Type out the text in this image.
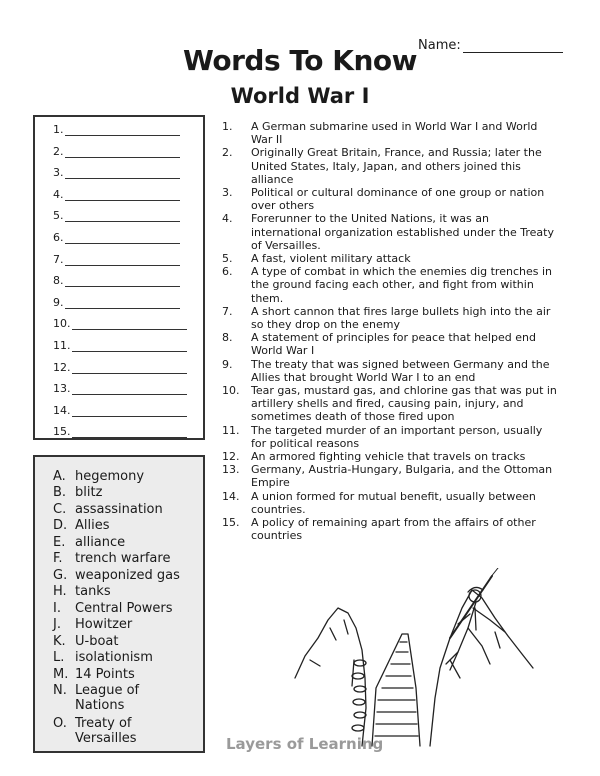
Name:
Words To Know
World War I
1.
2.
3.
4.
5.
6.
7.
8.
9.
10.
11.
12.
13.
14.
15.
A. hegemony
B. blitz
C. assassination
D. Allies
E. alliance
F. trench warfare
G. weaponized gas
H. tanks
I. Central Powers
J. Howitzer
K. U-boat
L. isolationism
M. 14 Points
N. League of Nations
O. Treaty of Versailles
1.	A German submarine used in World War I and World War II
2.	Originally Great Britain, France, and Russia; later the United States, Italy, Japan, and others joined this alliance
3.	Political or cultural dominance of one group or nation over others
4.	Forerunner to the United Nations, it was an international organization established under the Treaty of Versailles.
5.	A fast, violent military attack
6.	A type of combat in which the enemies dig trenches in the ground facing each other, and fight from within them.
7.	A short cannon that fires large bullets high into the air so they drop on the enemy
8.	A statement of principles for peace that helped end World War I
9.	The treaty that was signed between Germany and the Allies that brought World War I to an end
10.	Tear gas, mustard gas, and chlorine gas that was put in artillery shells and fired, causing pain, injury, and sometimes death of those fired upon
11.	The targeted murder of an important person, usually for political reasons
12.	An armored fighting vehicle that travels on tracks
13.	Germany, Austria-Hungary, Bulgaria, and the Ottoman Empire
14.	A union formed for mutual benefit, usually between countries.
15.	A policy of remaining apart from the affairs of other countries
Layers of Learning
